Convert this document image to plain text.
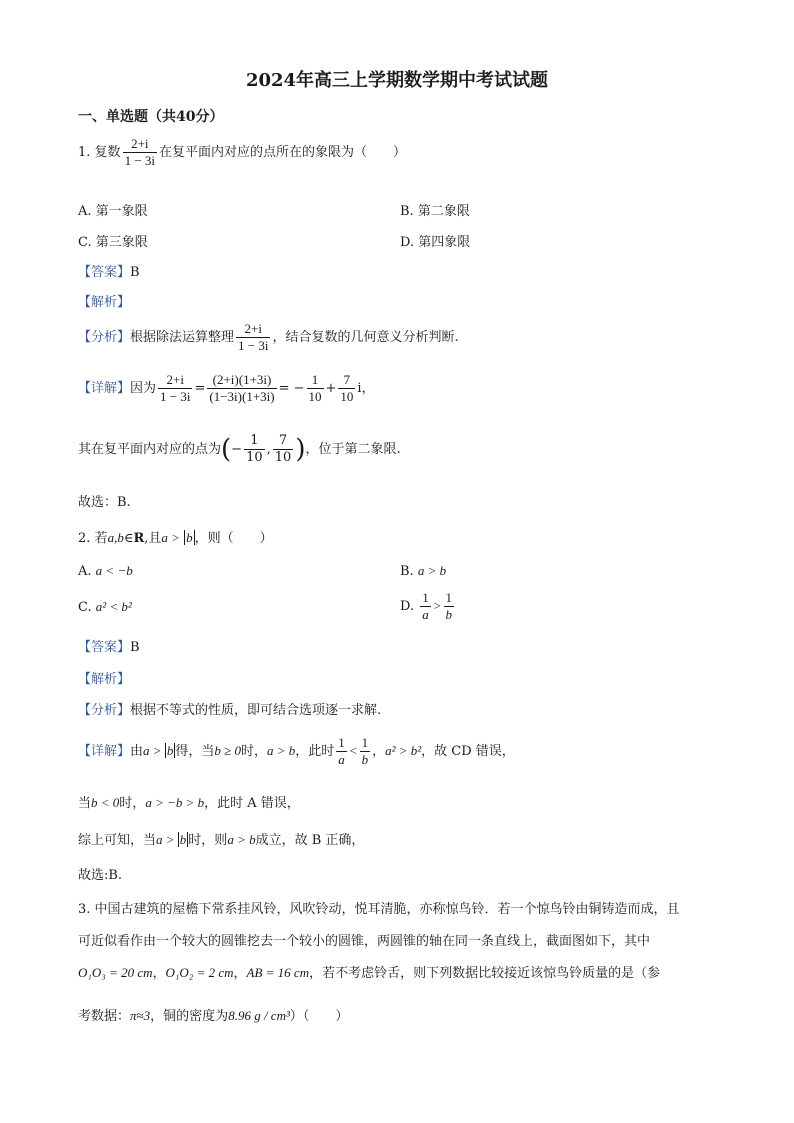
2024年高三上学期数学期中考试试题
一、单选题（共40分）
1. 复数 $\frac{2+i}{1 - 3i}$ 在复平面内对应的点所在的象限为（　　）
A. 第一象限	B. 第二象限
C. 第三象限	D. 第四象限
【答案】B
【解析】
【分析】根据除法运算整理 $\frac{2+i}{1 - 3i}$ ，结合复数的几何意义分析判断.
【详解】因为 $\frac{2+i}{1 - 3i} = \frac{(2+i)(1+3i)}{(1-3i)(1+3i)}$ = − $\frac{1}{10} + \frac{7}{10}$ i，
其在复平面内对应的点为(− $\frac{1}{10}$ , $\frac{7}{10}$ )，位于第二象限.
故选：B.
2. 若a,b∈R,且a > b ，则（　　）
A. a < −b	B. a > b
C. a² < b²	D. $\frac{1}{a} > \frac{1}{b}$
【答案】B
【解析】
【分析】根据不等式的性质，即可结合选项逐一求解.
【详解】由a > b 得，当b ≥ 0时，a > b，此时 $\frac{1}{a} < \frac{1}{b}$ ，a² > b²，故 CD 错误，
当b < 0时，a > −b > b，此时 A 错误，
综上可知，当a > b 时，则a > b成立，故 B 正确，
故选:B.
3. 中国古建筑的屋檐下常系挂风铃，风吹铃动，悦耳清脆，亦称惊鸟铃．若一个惊鸟铃由铜铸造而成，且
可近似看作由一个较大的圆锥挖去一个较小的圆锥，两圆锥的轴在同一条直线上，截面图如下，其中
O₁O₃ = 20 cm，O₁O₂ = 2 cm，AB = 16 cm，若不考虑铃舌，则下列数据比较接近该惊鸟铃质量的是（参
考数据：π≈3，铜的密度为8.96 g / cm³）（　　）
